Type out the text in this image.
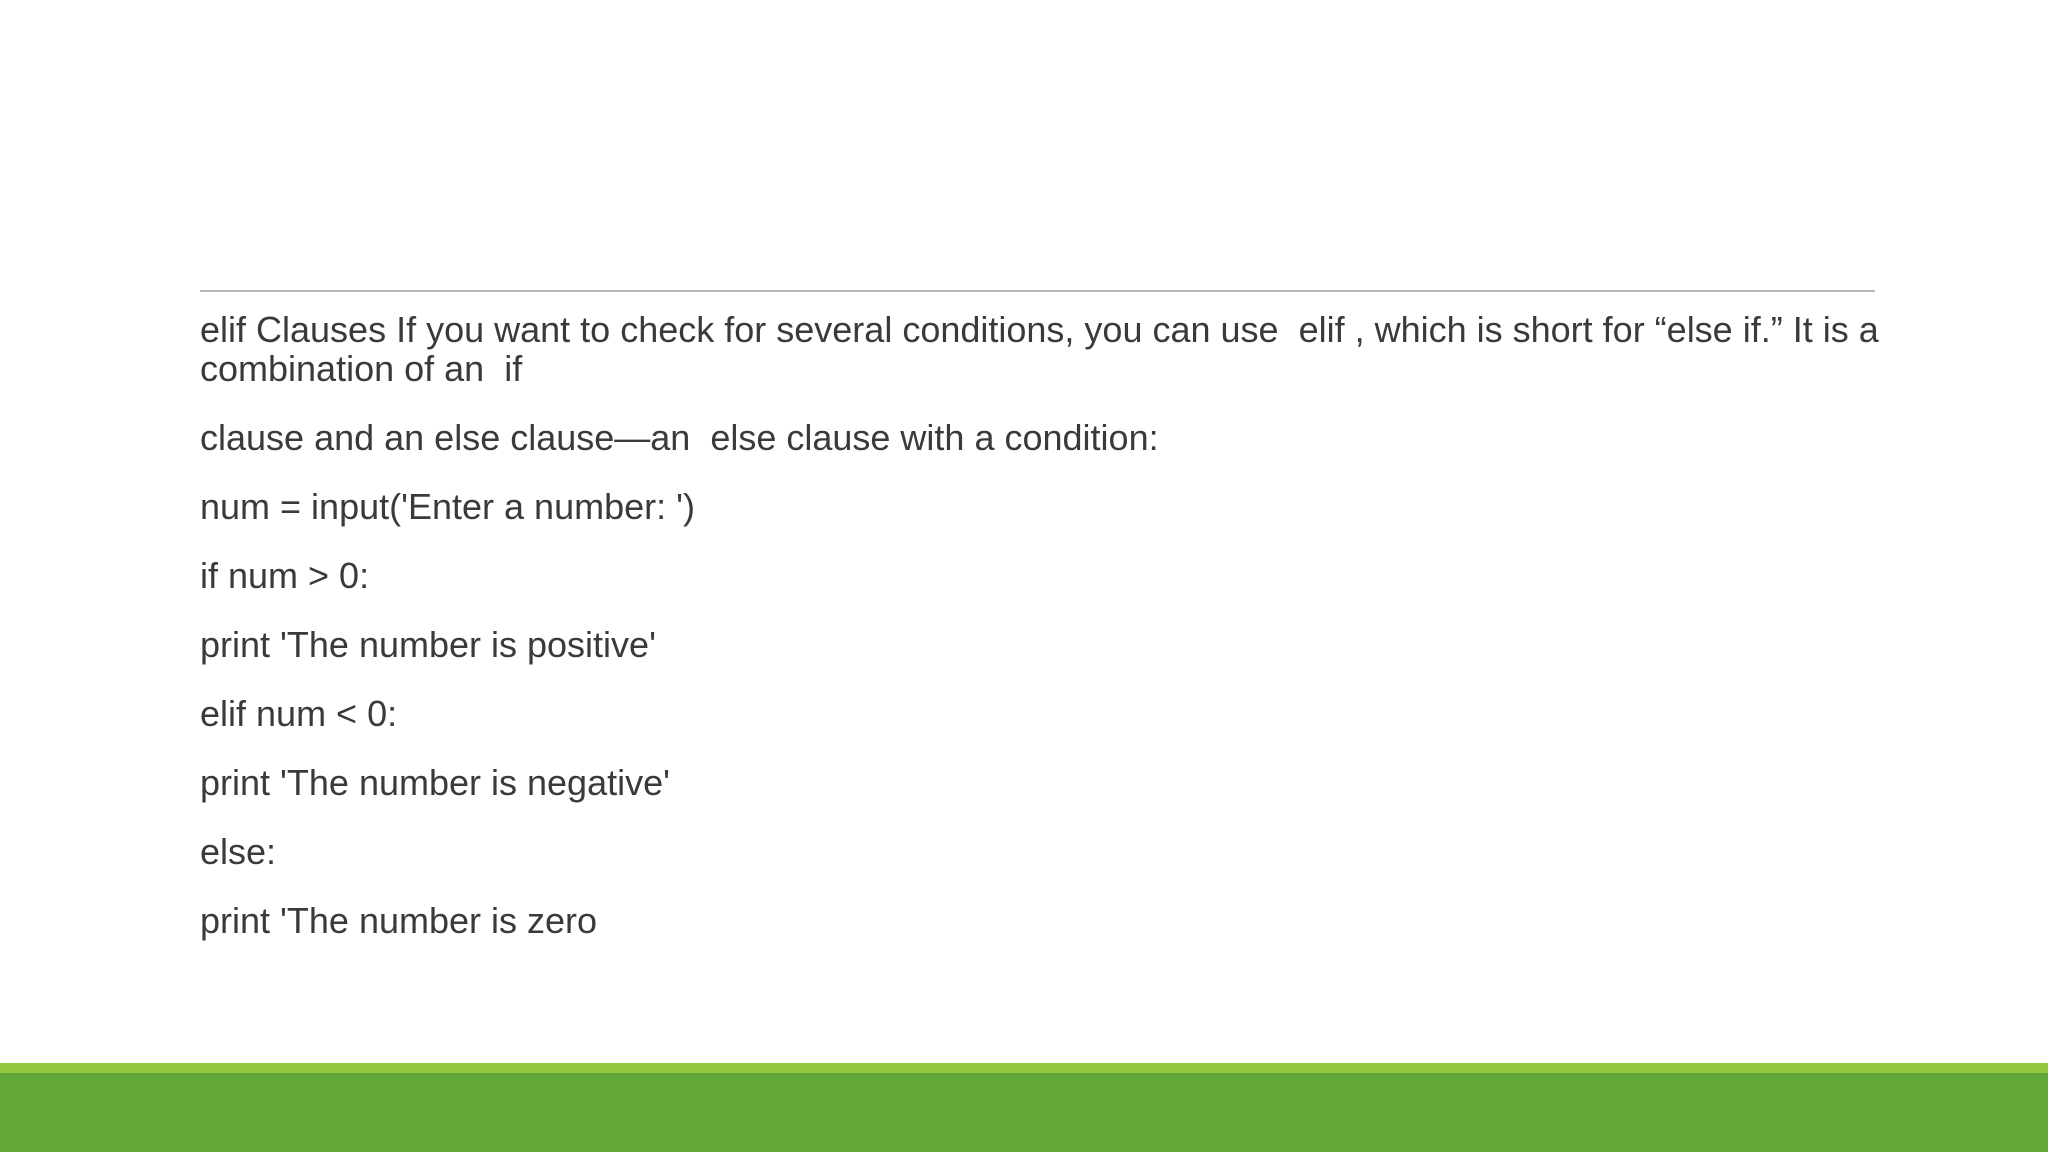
elif Clauses If you want to check for several conditions, you can use  elif , which is short for “else if.” It is a   combination of an  if

clause and an else clause—an  else clause with a condition:

num = input('Enter a number: ')

if num > 0:

print 'The number is positive'

elif num < 0:

print 'The number is negative'

else:

print 'The number is zero
